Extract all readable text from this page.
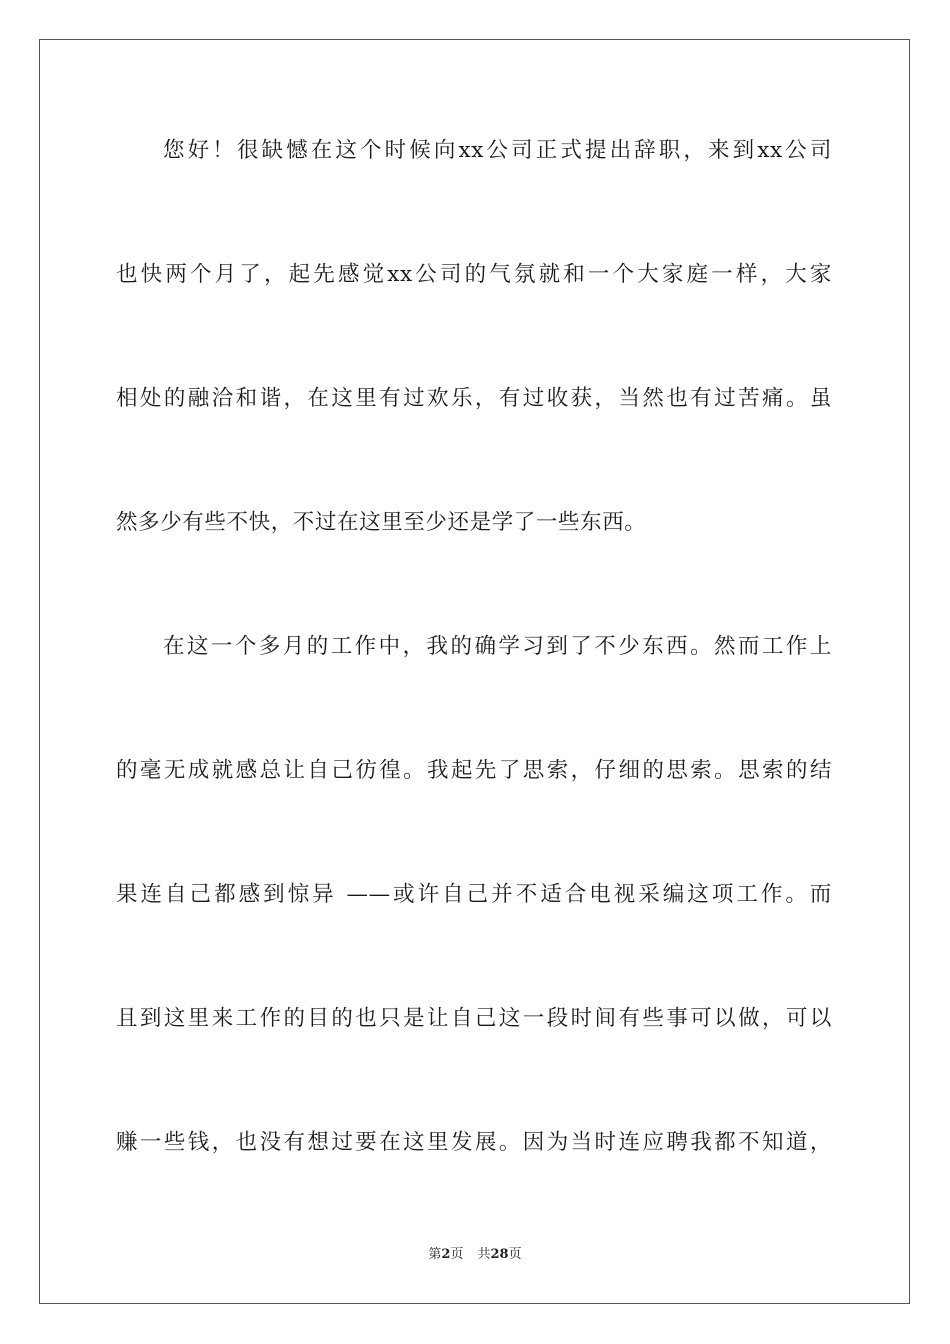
您好！很缺憾在这个时候向xx公司正式提出辞职，来到xx公司
也快两个月了，起先感觉xx公司的气氛就和一个大家庭一样，大家
相处的融洽和谐，在这里有过欢乐，有过收获，当然也有过苦痛。虽
然多少有些不快，不过在这里至少还是学了一些东西。
在这一个多月的工作中，我的确学习到了不少东西。然而工作上
的毫无成就感总让自己彷徨。我起先了思索，仔细的思索。思索的结
果连自己都感到惊异 ——或许自己并不适合电视采编这项工作。而
且到这里来工作的目的也只是让自己这一段时间有些事可以做，可以
赚一些钱，也没有想过要在这里发展。因为当时连应聘我都不知道，
第2页 共28页
